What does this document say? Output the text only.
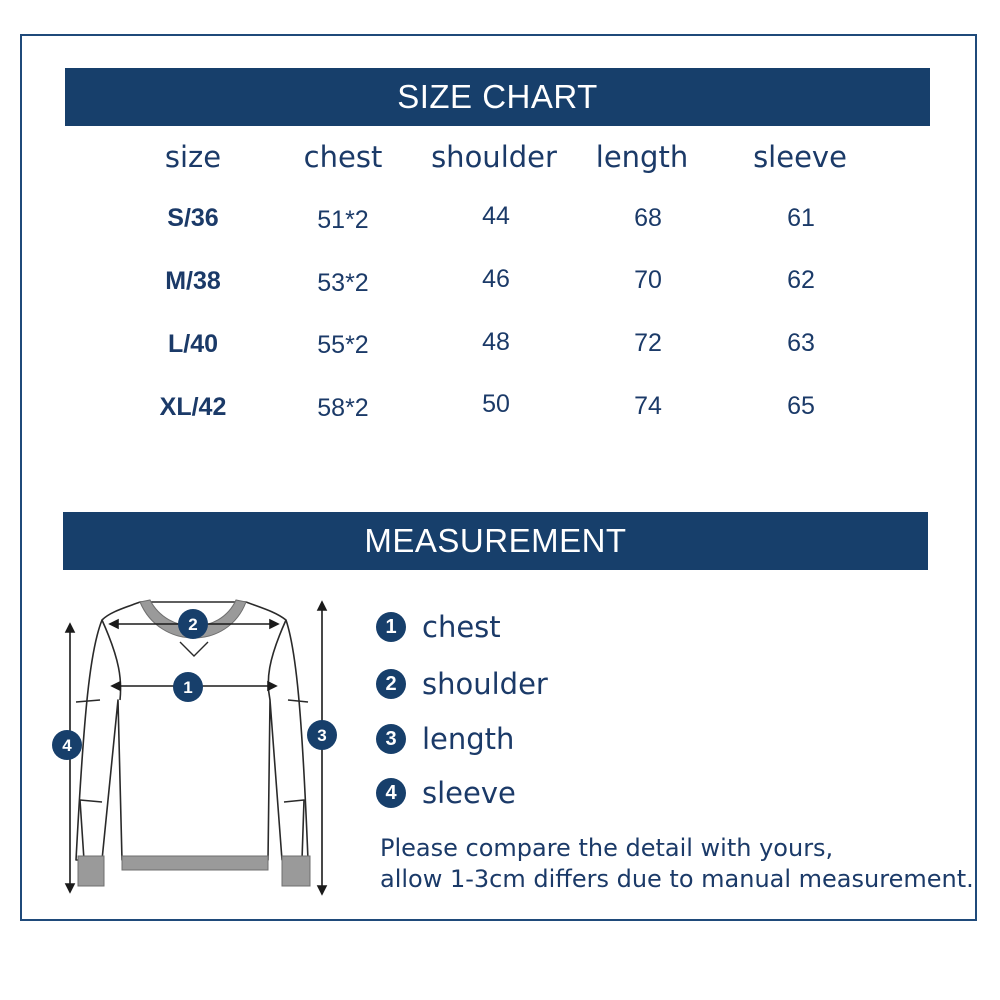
SIZE CHART
size	chest shoulder length sleeve
S/36	51*2	44	68	61
M/38	53*2	46	70	62
L/40	55*2	48	72	63
XL/42	58*2	50	74	65
MEASUREMENT
2
1
3
4
1 chest
2 shoulder
3 length
4 sleeve
Please compare the detail with yours,
allow 1-3cm differs due to manual measurement.
